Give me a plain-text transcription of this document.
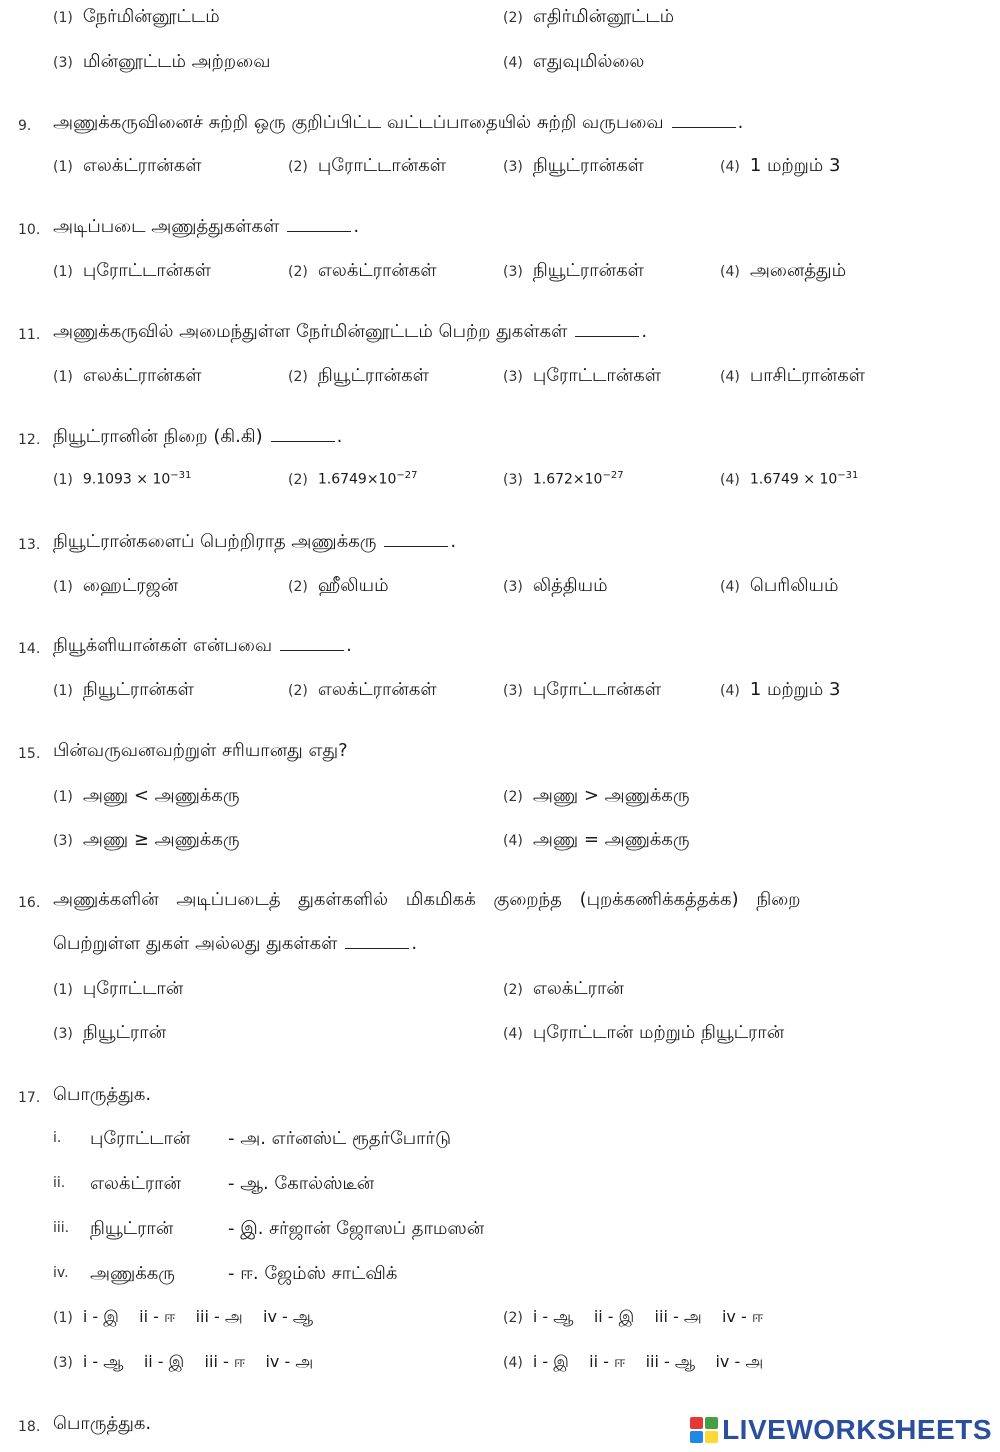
(1) நேர்மின்னூட்டம்	(2) எதிர்மின்னூட்டம்
(3) மின்னூட்டம் அற்றவை	(4) எதுவுமில்லை
9. அணுக்கருவினைச் சுற்றி ஒரு குறிப்பிட்ட வட்டப்பாதையில் சுற்றி வருபவை	.
(1) எலக்ட்ரான்கள்	(2) புரோட்டான்கள்	(3) நியூட்ரான்கள்	(4) 1 மற்றும் 3
10. அடிப்படை அணுத்துகள்கள்	.
(1) புரோட்டான்கள்	(2) எலக்ட்ரான்கள்	(3) நியூட்ரான்கள்	(4) அனைத்தும்
11. அணுக்கருவில் அமைந்துள்ள நேர்மின்னூட்டம் பெற்ற துகள்கள்	.
(1) எலக்ட்ரான்கள்	(2) நியூட்ரான்கள்	(3) புரோட்டான்கள்	(4) பாசிட்ரான்கள்
12. நியூட்ரானின் நிறை (கி.கி)	.
(1) $9.1093 \times 10^{-31}$	(2) $1.6749\times 10^{-27}$	(3) $1.672\times 10^{-27}$	(4) $1.6749 \times 10^{-31}$
13. நியூட்ரான்களைப் பெற்றிராத அணுக்கரு	.
(1) ஹைட்ரஜன்	(2) ஹீலியம்	(3) லித்தியம்	(4) பெரிலியம்
14. நியூக்ளியான்கள் என்பவை	.
(1) நியூட்ரான்கள்	(2) எலக்ட்ரான்கள்	(3) புரோட்டான்கள்	(4) 1 மற்றும் 3
15. பின்வருவனவற்றுள் சரியானது எது?
(1) அணு < அணுக்கரு	(2) அணு > அணுக்கரு
(3) அணு ≥ அணுக்கரு	(4) அணு = அணுக்கரு
16. அணுக்களின் அடிப்படைத் துகள்களில் மிகமிகக் குறைந்த (புறக்கணிக்கத்தக்க) நிறை
பெற்றுள்ள துகள் அல்லது துகள்கள்	.
(1) புரோட்டான்	(2) எலக்ட்ரான்
(3) நியூட்ரான்	(4) புரோட்டான் மற்றும் நியூட்ரான்
17. பொருத்துக.
i. புரோட்டான் - அ. எர்னஸ்ட் ரூதர்போர்டு
ii. எலக்ட்ரான்	- ஆ. கோல்ஸ்டீன்
iii. நியூட்ரான்	- இ. சர்ஜான் ஜோஸப் தாமஸன்
iv. அணுக்கரு	- ஈ. ஜேம்ஸ் சாட்விக்
(1) i - இ    ii - ஈ    iii - அ    iv - ஆ	(2) i - ஆ    ii - இ    iii - அ    iv - ஈ
(3) i - ஆ    ii - இ    iii - ஈ    iv - அ	(4) i - இ    ii - ஈ    iii - ஆ    iv - அ
18. பொருத்துக.	LIVEWORKSHEETS
